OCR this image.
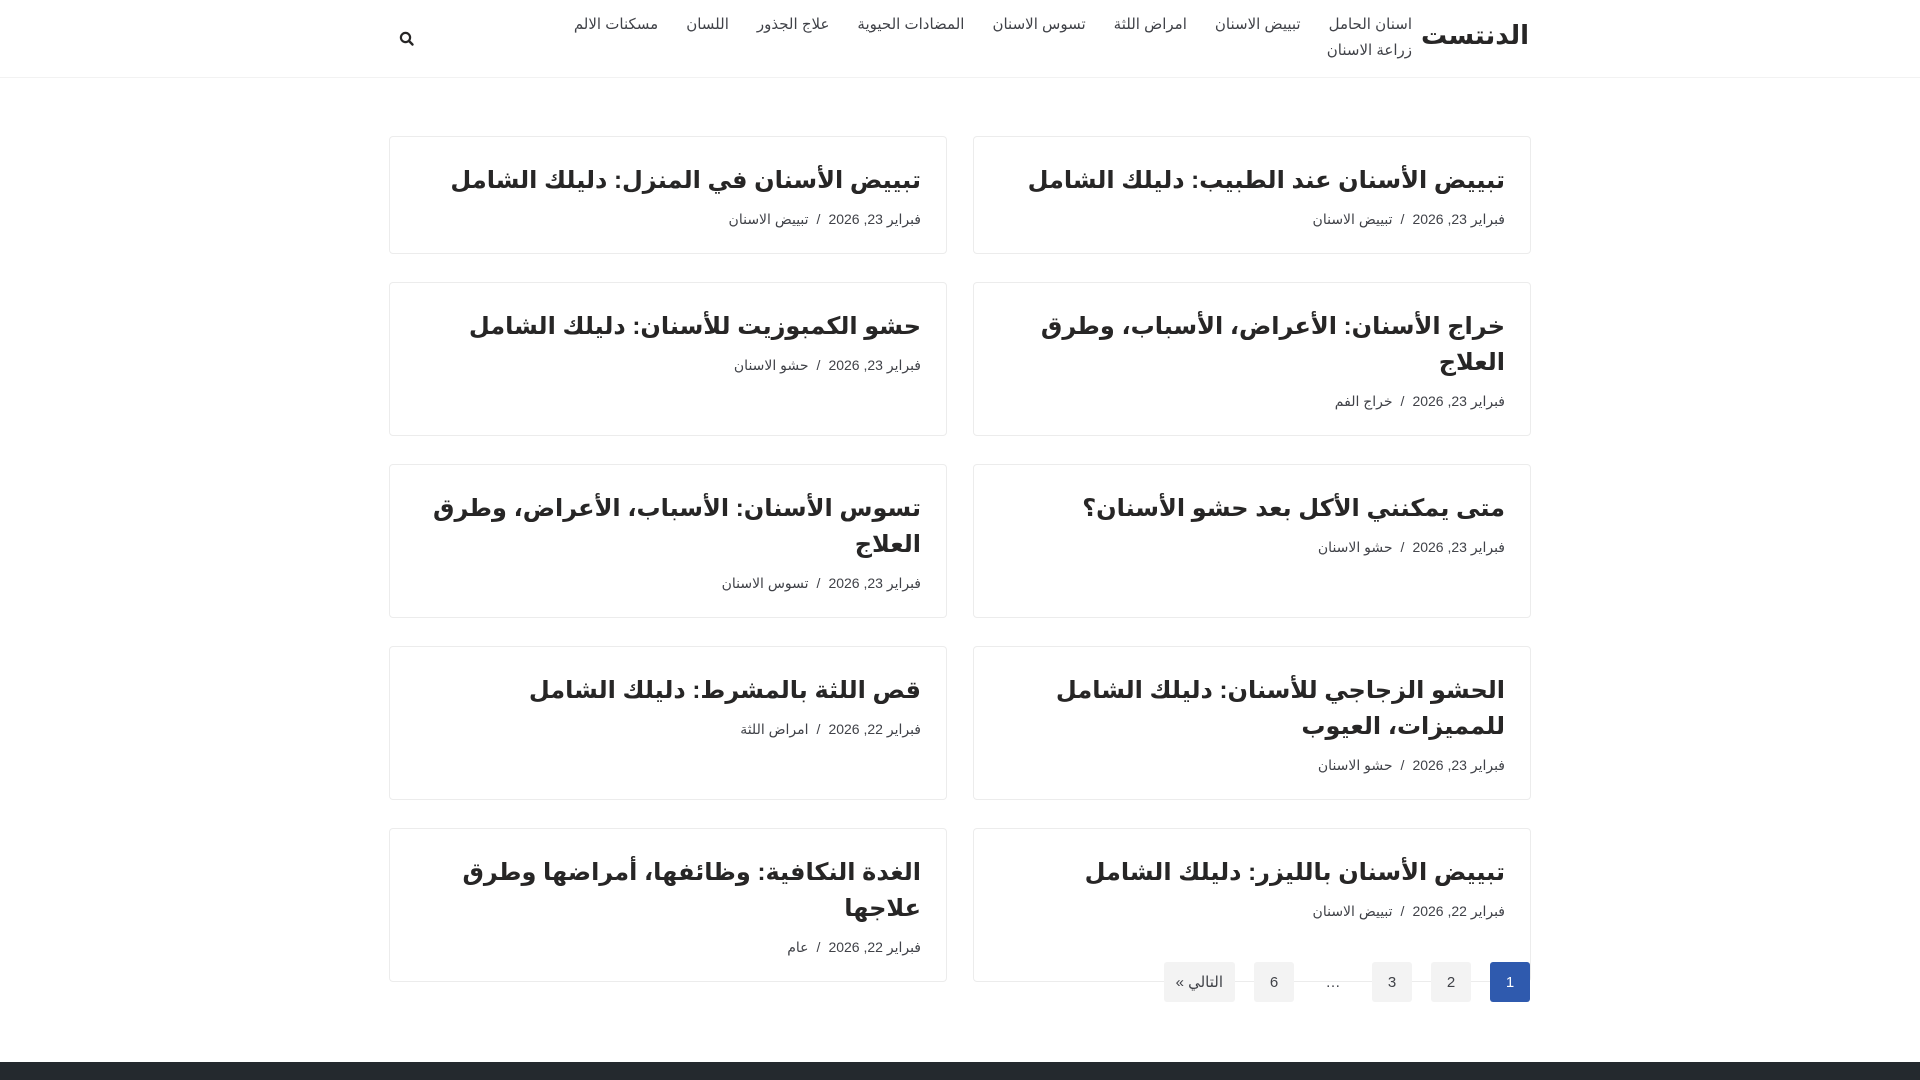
الدنتست
اسنان الحامل
تبييض الاسنان
امراض اللثة
تسوس الاسنان
المضادات الحيوية
علاج الجذور
اللسان
مسكنات الالم
زراعة الاسنان
تبييض الأسنان عند الطبيب: دليلك الشامل
فبراير 23, 2026/تبييض الاسنان
تبييض الأسنان في المنزل: دليلك الشامل
فبراير 23, 2026/تبييض الاسنان
خراج الأسنان: الأعراض، الأسباب، وطرق العلاج
فبراير 23, 2026/خراج الفم
حشو الكمبوزيت للأسنان: دليلك الشامل
فبراير 23, 2026/حشو الاسنان
متى يمكنني الأكل بعد حشو الأسنان؟
فبراير 23, 2026/حشو الاسنان
تسوس الأسنان: الأسباب، الأعراض، وطرق العلاج
فبراير 23, 2026/تسوس الاسنان
الحشو الزجاجي للأسنان: دليلك الشامل للمميزات، العيوب
فبراير 23, 2026/حشو الاسنان
قص اللثة بالمشرط: دليلك الشامل
فبراير 22, 2026/امراض اللثة
تبييض الأسنان بالليزر: دليلك الشامل
فبراير 22, 2026/تبييض الاسنان
الغدة النكافية: وظائفها، أمراضها وطرق علاجها
فبراير 22, 2026/عام
1
2
3
…
6
التالي »
